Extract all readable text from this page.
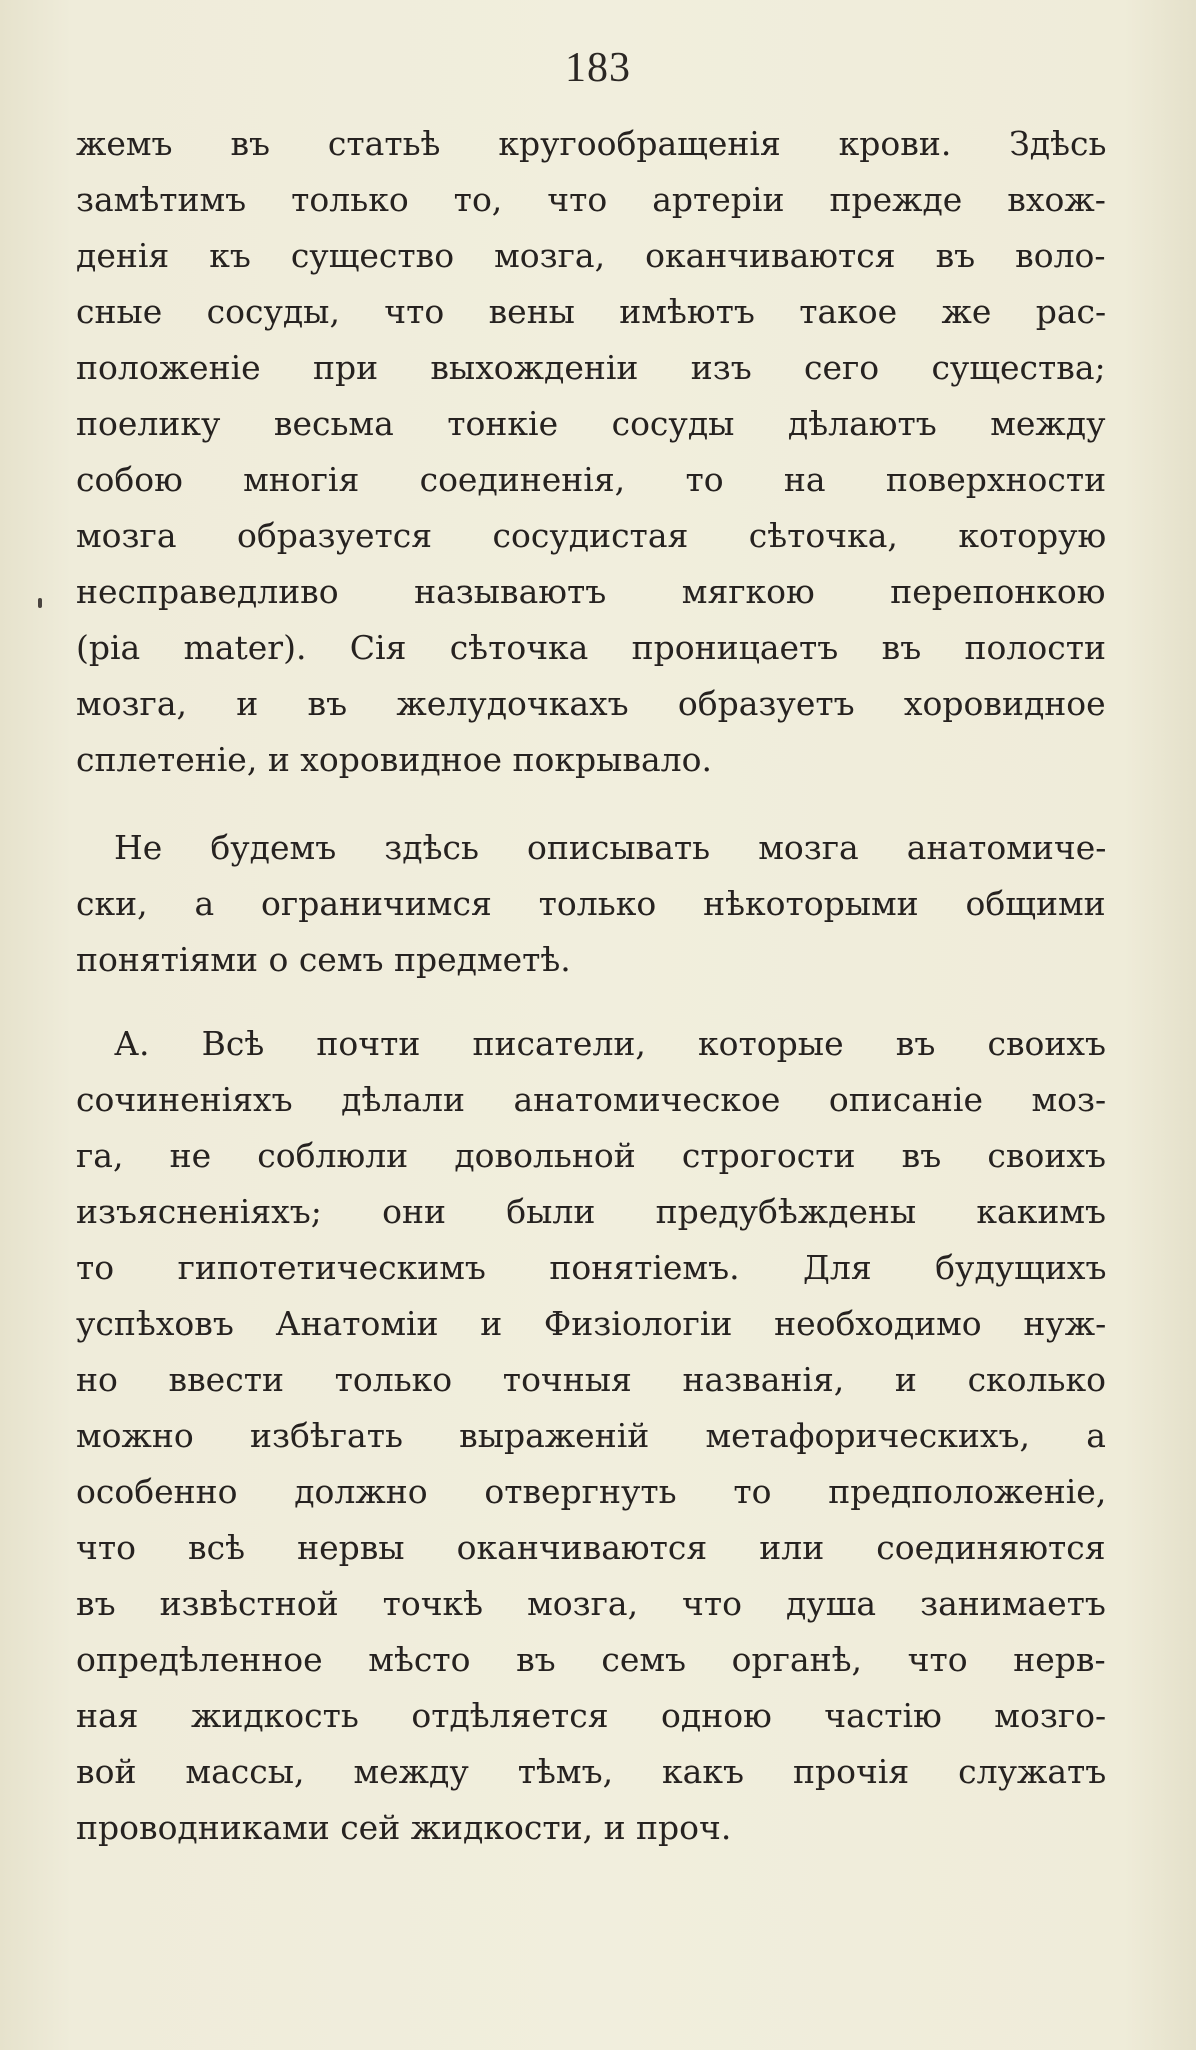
183
жемъ въ статьѣ кругообращенія крови. Здѣсь
замѣтимъ только то, что артеріи прежде вхож-
денія къ существо мозга, оканчиваются въ воло-
сные сосуды, что вены имѣютъ такое же рас-
положеніе при выхожденіи изъ сего существа;
поелику весьма тонкіе сосуды дѣлаютъ между
собою многія соединенія, то на поверхности
мозга образуется сосудистая сѣточка, которую
несправедливо называютъ мягкою перепонкою
(pia mater). Сія сѣточка проницаетъ въ полости
мозга, и въ желудочкахъ образуетъ хоровидное
сплетеніе, и хоровидное покрывало.
Не будемъ здѣсь описывать мозга анатомиче-
ски, а ограничимся только нѣкоторыми общими
понятіями о семъ предметѣ.
А. Всѣ почти писатели, которые въ своихъ
сочиненіяхъ дѣлали анатомическое описаніе моз-
га, не соблюли довольной строгости въ своихъ
изъясненіяхъ; они были предубѣждены какимъ
то гипотетическимъ понятіемъ. Для будущихъ
успѣховъ Анатоміи и Физіологіи необходимо нуж-
но ввести только точныя названія, и сколько
можно избѣгать выраженій метафорическихъ, а
особенно должно отвергнуть то предположеніе,
что всѣ нервы оканчиваются или соединяются
въ извѣстной точкѣ мозга, что душа занимаетъ
опредѣленное мѣсто въ семъ органѣ, что нерв-
ная жидкость отдѣляется одною частію мозго-
вой массы, между тѣмъ, какъ прочія служатъ
проводниками сей жидкости, и проч.
